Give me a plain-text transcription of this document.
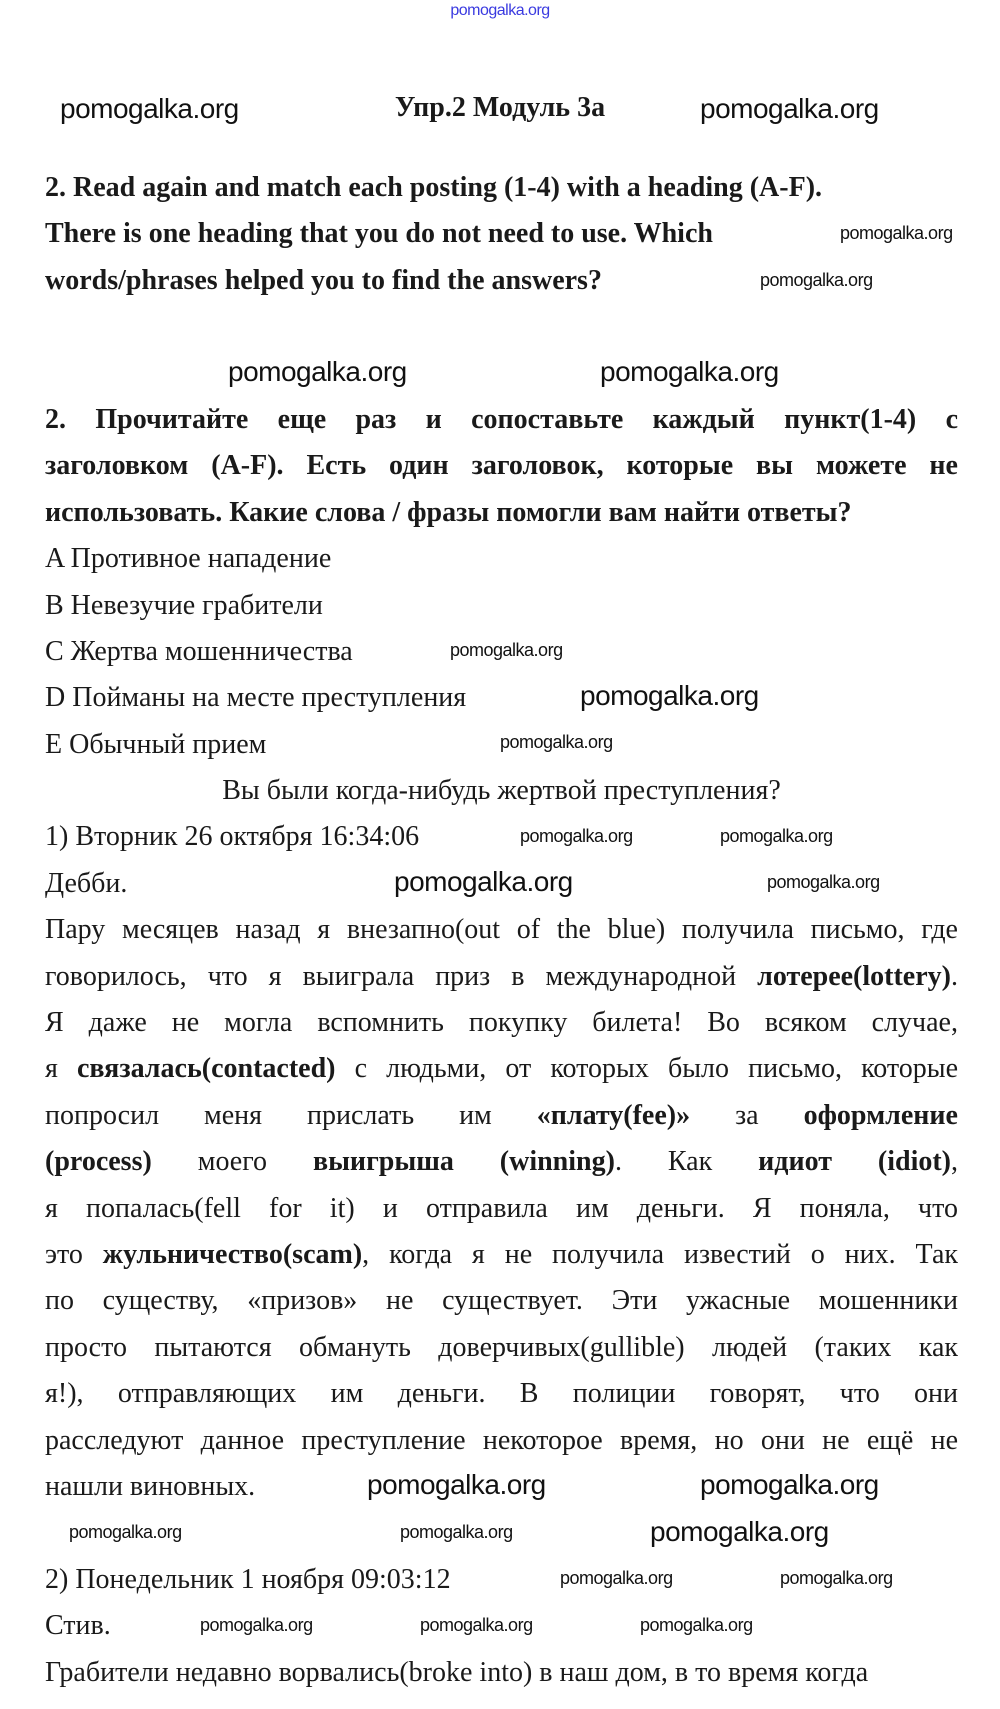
Упр.2 Модуль 3а
2. Read again and match each posting (1-4) with a heading (A-F).
There is one heading that you do not need to use. Which
words/phrases helped you to find the answers?
2. Прочитайте еще раз и сопоставьте каждый пункт(1-4) с
заголовком (A-F). Есть один заголовок, которые вы можете не
использовать. Какие слова / фразы помогли вам найти ответы?
A Противное нападение
B Невезучие грабители
C Жертва мошенничества
D Пойманы на месте преступления
E Обычный прием
Вы были когда-нибудь жертвой преступления?
1) Вторник 26 октября 16:34:06
Дебби.
Пару месяцев назад я внезапно(out of the blue) получила письмо, где
говорилось, что я выиграла приз в международной лотерее(lottery).
Я даже не могла вспомнить покупку билета! Во всяком случае,
я связалась(contacted) с людьми, от которых было письмо, которые
попросил меня прислать им «плату(fee)» за оформление
(process) моего выигрыша (winning). Как идиот (idiot),
я попалась(fell for it) и отправила им деньги. Я поняла, что
это жульничество(scam), когда я не получила известий о них. Так
по существу, «призов» не существует. Эти ужасные мошенники
просто пытаются обмануть доверчивых(gullible) людей (таких как
я!), отправляющих им деньги. В полиции говорят, что они
расследуют данное преступление некоторое время, но они не ещё не
нашли виновных.
2) Понедельник 1 ноября 09:03:12
Стив.
Грабители недавно ворвались(broke into) в наш дом, в то время когда
pomogalka.org
pomogalka.org	pomogalka.org
pomogalka.org
pomogalka.org
pomogalka.org	pomogalka.org
pomogalka.org
pomogalka.org
pomogalka.org
pomogalka.org	pomogalka.org
pomogalka.org	pomogalka.org
pomogalka.org	pomogalka.org
pomogalka.org	pomogalka.org	pomogalka.org
pomogalka.org	pomogalka.org
pomogalka.org	pomogalka.org	pomogalka.org
